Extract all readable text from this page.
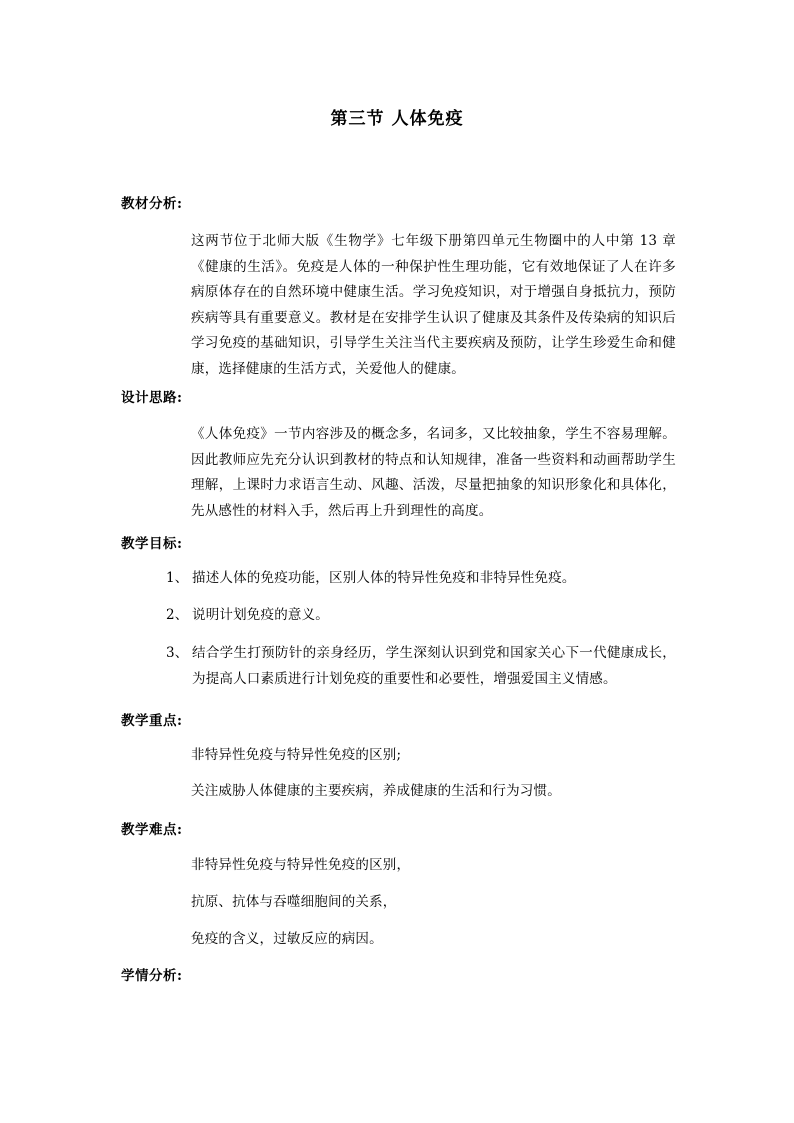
第三节 人体免疫
教材分析:
这两节位于北师大版《生物学》七年级下册第四单元生物圈中的人中第 13 章《健康的生活》。免疫是人体的一种保护性生理功能，它有效地保证了人在许多病原体存在的自然环境中健康生活。学习免疫知识，对于增强自身抵抗力，预防疾病等具有重要意义。教材是在安排学生认识了健康及其条件及传染病的知识后学习免疫的基础知识，引导学生关注当代主要疾病及预防，让学生珍爱生命和健康，选择健康的生活方式，关爱他人的健康。
设计思路:
《人体免疫》一节内容涉及的概念多，名词多，又比较抽象，学生不容易理解。因此教师应先充分认识到教材的特点和认知规律，准备一些资料和动画帮助学生理解，上课时力求语言生动、风趣、活泼，尽量把抽象的知识形象化和具体化，先从感性的材料入手，然后再上升到理性的高度。
教学目标:
1、 描述人体的免疫功能，区别人体的特异性免疫和非特异性免疫。
2、 说明计划免疫的意义。
3、 结合学生打预防针的亲身经历，学生深刻认识到党和国家关心下一代健康成长，为提高人口素质进行计划免疫的重要性和必要性，增强爱国主义情感。
教学重点:
非特异性免疫与特异性免疫的区别;
关注威胁人体健康的主要疾病，养成健康的生活和行为习惯。
教学难点:
非特异性免疫与特异性免疫的区别，
抗原、抗体与吞噬细胞间的关系，
免疫的含义，过敏反应的病因。
学情分析:
